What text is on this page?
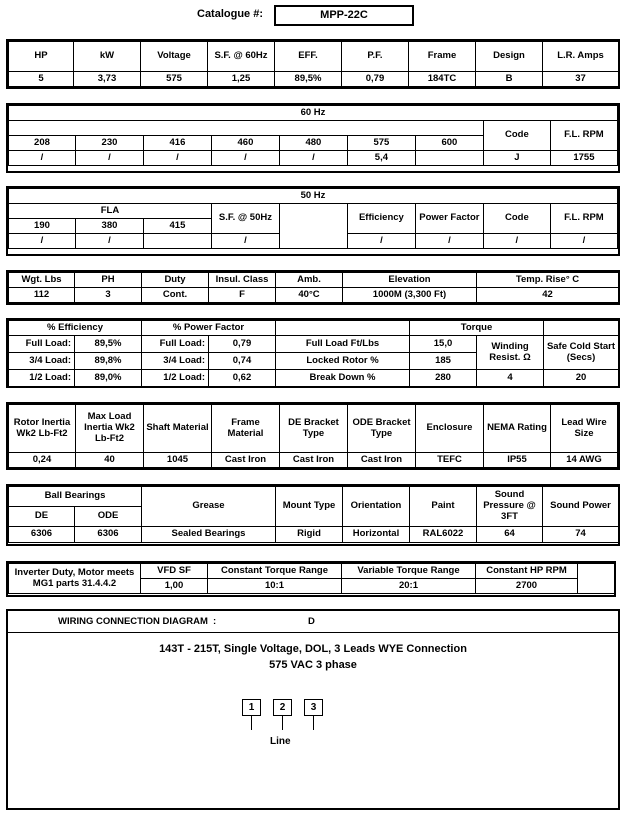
Catalogue #:	MPP-22C
HP	kW	Voltage	S.F. @ 60Hz	EFF.	P.F.	Frame	Design	L.R. Amps
5	3,73	575	1,25	89,5%	0,79	184TC	B	37
60 Hz								
							Code	F.L. RPM
208	230	416	460	480	575	600		
/	/	/	/	/	5,4		J	1755
50 Hz								
FLA			S.F. @ 50Hz		Efficiency	Power Factor	Code	F.L. RPM
190	380	415						
/	/		/		/	/	/	/
Wgt. Lbs	PH	Duty	Insul. Class	Amb.	Elevation	Temp. Rise° C
112	3	Cont.	F	40°C	1000M (3,300 Ft)	42
% Efficiency		% Power Factor			Torque		
Full Load:	89,5%	Full Load:	0,79	Full Load Ft/Lbs	15,0	Winding Resist. Ω	Safe Cold Start (Secs)
3/4 Load:	89,8%	3/4 Load:	0,74	Locked Rotor %	185		
1/2 Load:	89,0%	1/2 Load:	0,62	Break Down %	280	4	20
Rotor Inertia Wk2 Lb-Ft2	Max Load Inertia Wk2 Lb-Ft2	Shaft Material	Frame Material	DE Bracket Type	ODE Bracket Type	Enclosure	NEMA Rating	Lead Wire Size
0,24	40	1045	Cast Iron	Cast Iron	Cast Iron	TEFC	IP55	14 AWG
Ball Bearings		Grease	Mount Type	Orientation	Paint	Sound Pressure @ 3FT	Sound Power
DE	ODE						
6306	6306	Sealed Bearings	Rigid	Horizontal	RAL6022	64	74
Inverter Duty, Motor meets MG1 parts 31.4.4.2	VFD SF	Constant Torque Range	Variable Torque Range	Constant HP RPM	
	1,00	10:1	20:1	2700	
WIRING CONNECTION DIAGRAM :	D
143T - 215T, Single Voltage, DOL, 3 Leads WYE Connection
575 VAC 3 phase
1	2	3
Line
